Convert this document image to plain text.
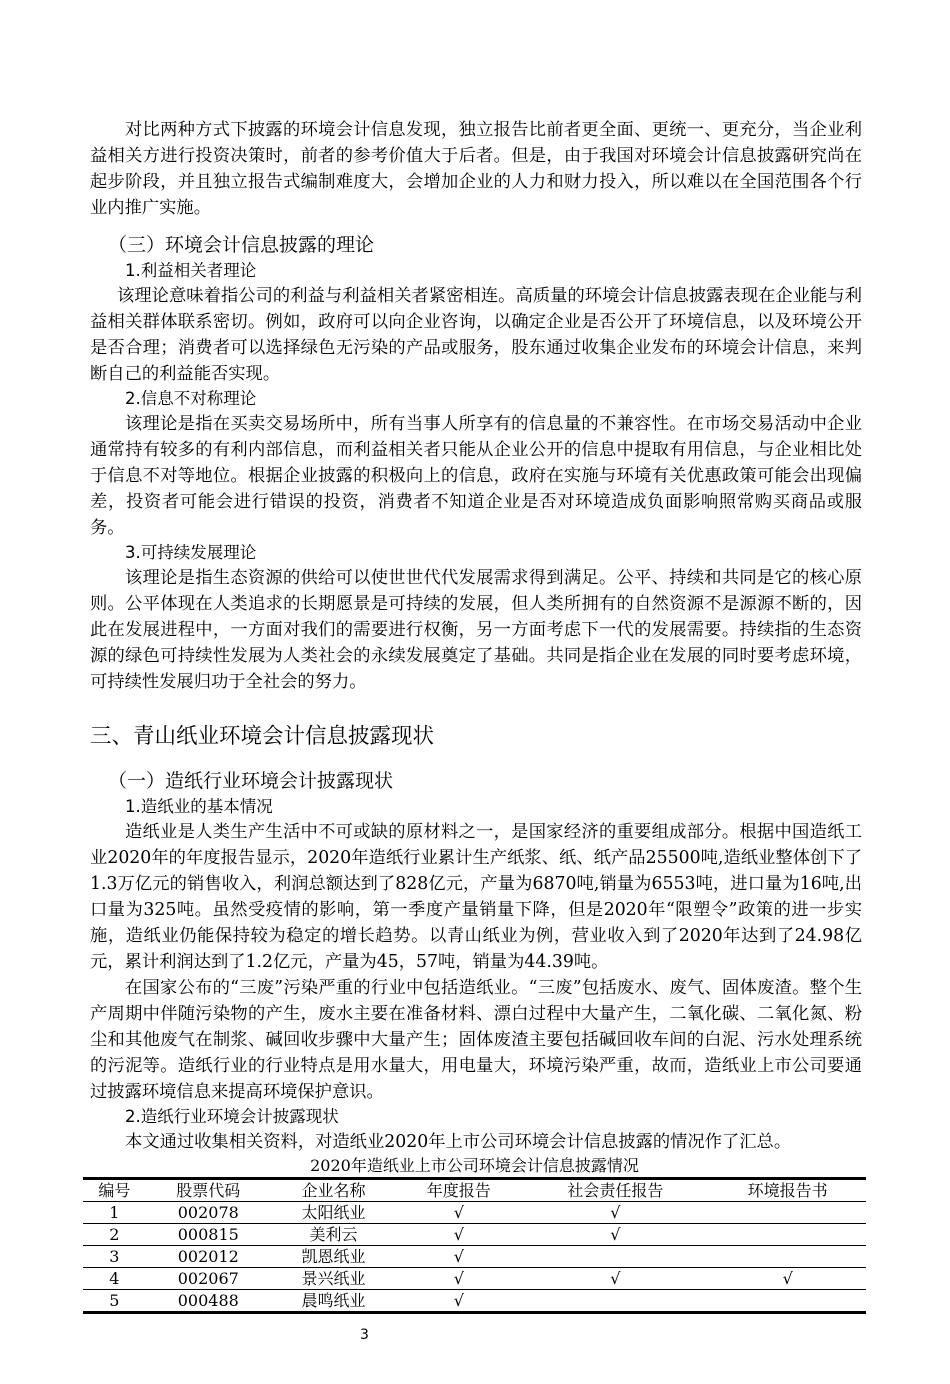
对比两种方式下披露的环境会计信息发现，独立报告比前者更全面、更统一、更充分，当企业利益相关方进行投资决策时，前者的参考价值大于后者。但是，由于我国对环境会计信息披露研究尚在起步阶段，并且独立报告式编制难度大，会增加企业的人力和财力投入，所以难以在全国范围各个行业内推广实施。

（三）环境会计信息披露的理论
1.利益相关者理论

该理论意味着指公司的利益与利益相关者紧密相连。高质量的环境会计信息披露表现在企业能与利益相关群体联系密切。例如，政府可以向企业咨询，以确定企业是否公开了环境信息，以及环境公开是否合理；消费者可以选择绿色无污染的产品或服务，股东通过收集企业发布的环境会计信息，来判断自己的利益能否实现。

2.信息不对称理论

该理论是指在买卖交易场所中，所有当事人所享有的信息量的不兼容性。在市场交易活动中企业通常持有较多的有利内部信息，而利益相关者只能从企业公开的信息中提取有用信息，与企业相比处于信息不对等地位。根据企业披露的积极向上的信息，政府在实施与环境有关优惠政策可能会出现偏差，投资者可能会进行错误的投资，消费者不知道企业是否对环境造成负面影响照常购买商品或服务。

3.可持续发展理论

该理论是指生态资源的供给可以使世世代代发展需求得到满足。公平、持续和共同是它的核心原则。公平体现在人类追求的长期愿景是可持续的发展，但人类所拥有的自然资源不是源源不断的，因此在发展进程中，一方面对我们的需要进行权衡，另一方面考虑下一代的发展需要。持续指的生态资源的绿色可持续性发展为人类社会的永续发展奠定了基础。共同是指企业在发展的同时要考虑环境，可持续性发展归功于全社会的努力。

三、青山纸业环境会计信息披露现状
（一）造纸行业环境会计披露现状
1.造纸业的基本情况

造纸业是人类生产生活中不可或缺的原材料之一，是国家经济的重要组成部分。根据中国造纸工业2020年的年度报告显示，2020年造纸行业累计生产纸浆、纸、纸产品25500吨,造纸业整体创下了1.3万亿元的销售收入，利润总额达到了828亿元，产量为6870吨,销量为6553吨，进口量为16吨,出口量为325吨。虽然受疫情的影响，第一季度产量销量下降，但是2020年“限塑令”政策的进一步实施，造纸业仍能保持较为稳定的增长趋势。以青山纸业为例，营业收入到了2020年达到了24.98亿元，累计利润达到了1.2亿元，产量为45，57吨，销量为44.39吨。

在国家公布的“三废”污染严重的行业中包括造纸业。“三废”包括废水、废气、固体废渣。整个生产周期中伴随污染物的产生，废水主要在准备材料、漂白过程中大量产生，二氧化碳、二氧化氮、粉尘和其他废气在制浆、碱回收步骤中大量产生；固体废渣主要包括碱回收车间的白泥、污水处理系统的污泥等。造纸行业的行业特点是用水量大，用电量大，环境污染严重，故而，造纸业上市公司要通过披露环境信息来提高环境保护意识。

2.造纸行业环境会计披露现状

本文通过收集相关资料，对造纸业2020年上市公司环境会计信息披露的情况作了汇总。

2020年造纸业上市公司环境会计信息披露情况
编号	股票代码	企业名称	年度报告	社会责任报告	环境报告书
1	002078	太阳纸业	√	√	
2	000815	美利云	√	√	
3	002012	凯恩纸业	√		
4	002067	景兴纸业	√	√	√
5	000488	晨鸣纸业	√		
3
